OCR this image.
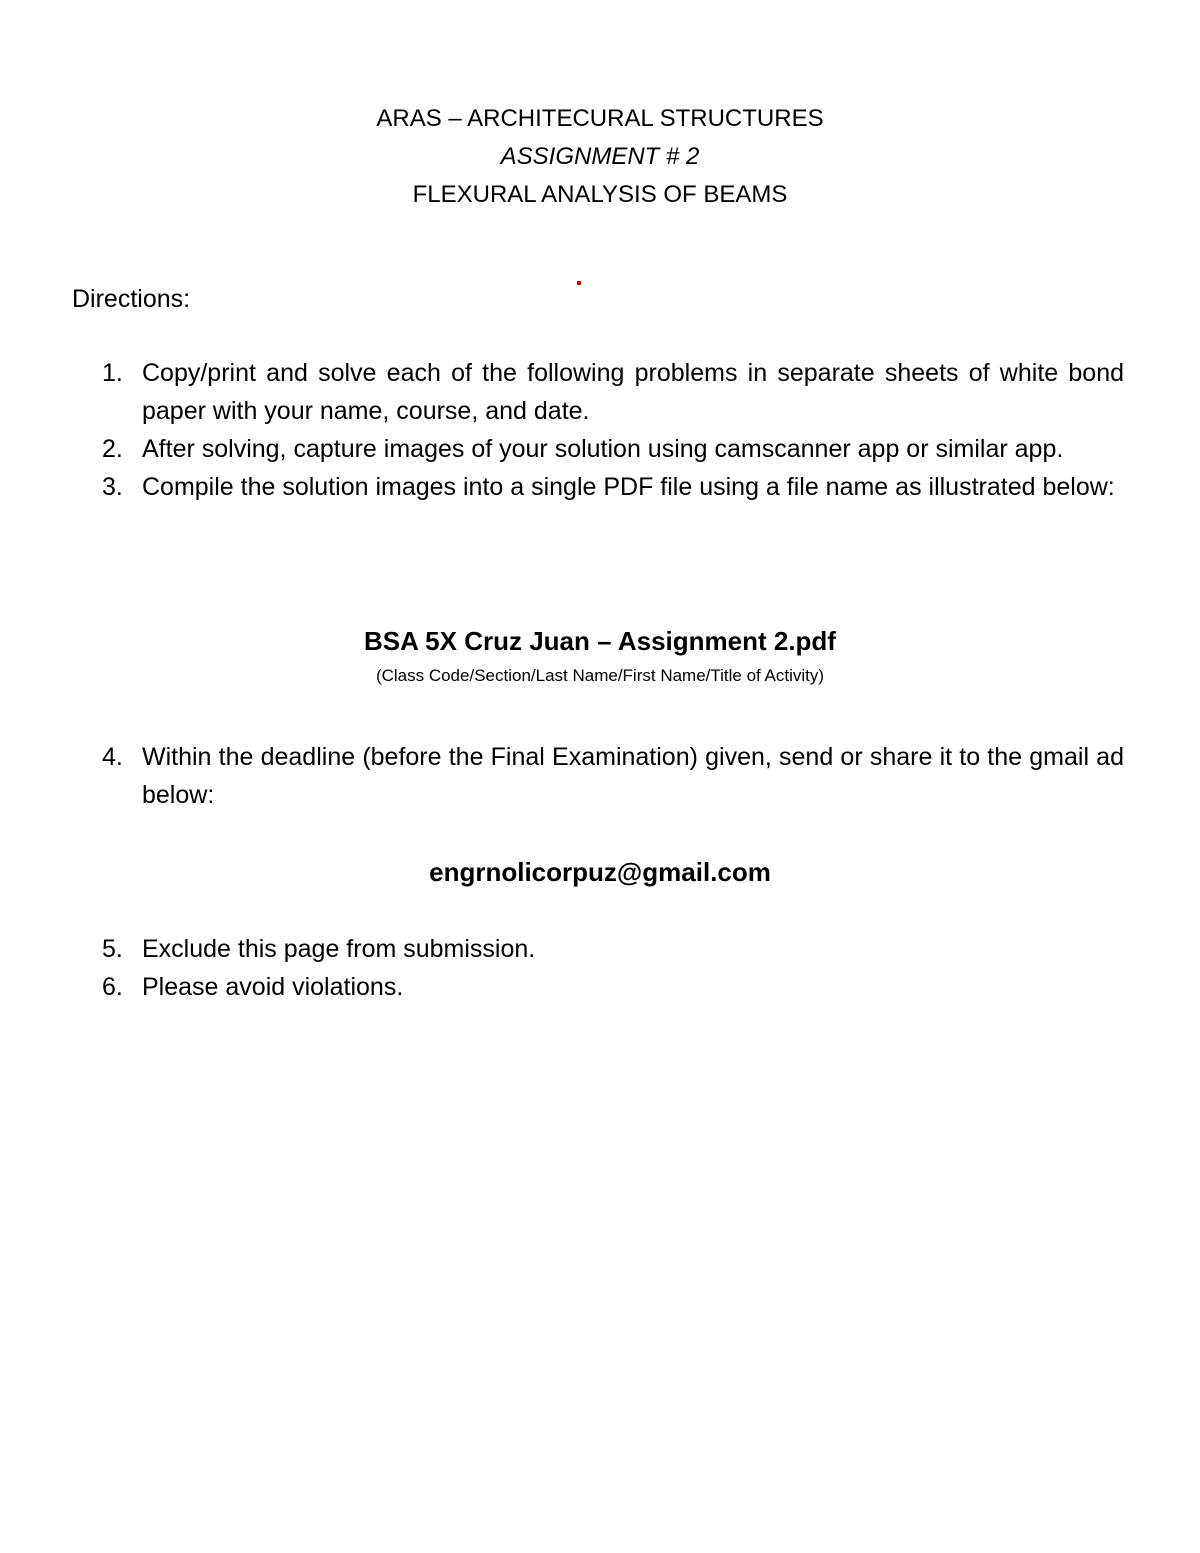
ARAS – ARCHITECURAL STRUCTURES
ASSIGNMENT # 2
FLEXURAL ANALYSIS OF BEAMS
Directions:
1. Copy/print and solve each of the following problems in separate sheets of white bond paper with your name, course, and date.
2. After solving, capture images of your solution using camscanner app or similar app.
3. Compile the solution images into a single PDF file using a file name as illustrated below:
BSA 5X Cruz Juan – Assignment 2.pdf
(Class Code/Section/Last Name/First Name/Title of Activity)
4. Within the deadline (before the Final Examination) given, send or share it to the gmail ad below:
engrnolicorpuz@gmail.com
5. Exclude this page from submission.
6. Please avoid violations.
